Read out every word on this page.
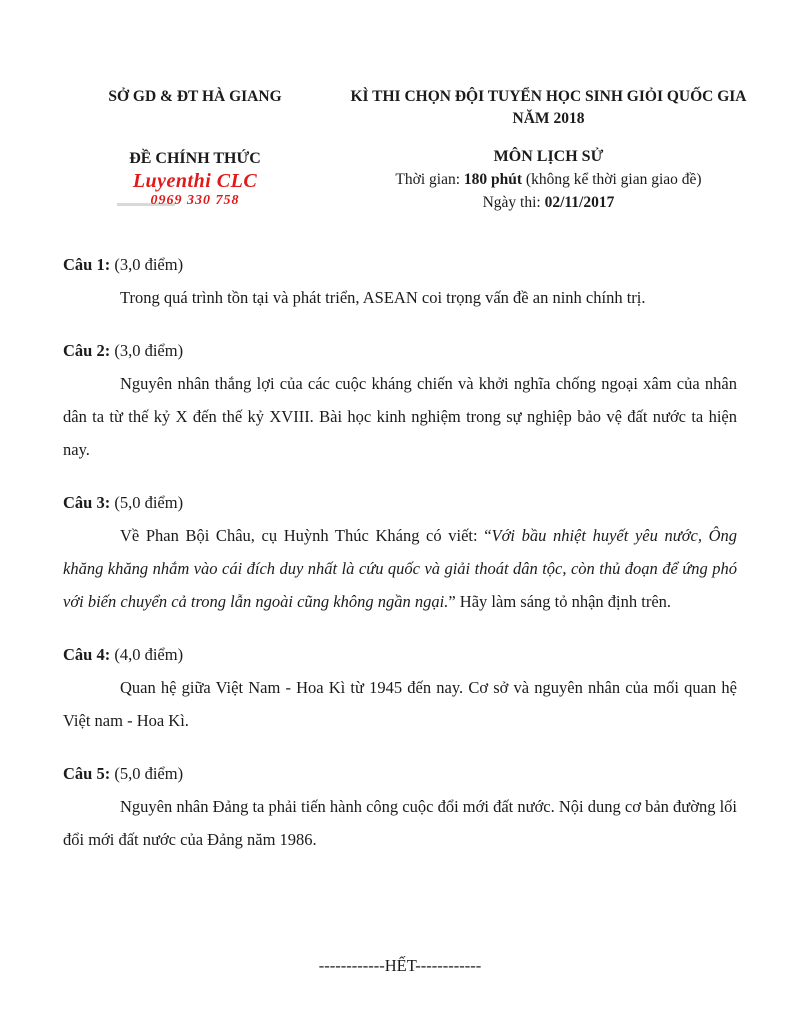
SỞ GD & ĐT HÀ GIANG
ĐỀ CHÍNH THỨC
Luyenthi CLC
0969 330 758
KÌ THI CHỌN ĐỘI TUYỂN HỌC SINH GIỎI QUỐC GIA
NĂM 2018
MÔN LỊCH SỬ
Thời gian: 180 phút (không kể thời gian giao đề)
Ngày thi: 02/11/2017

Câu 1: (3,0 điểm)

Trong quá trình tồn tại và phát triển, ASEAN coi trọng vấn đề an ninh chính trị.

Câu 2: (3,0 điểm)

Nguyên nhân thắng lợi của các cuộc kháng chiến và khởi nghĩa chống ngoại xâm của nhân dân ta từ thế kỷ X đến thế kỷ XVIII. Bài học kinh nghiệm trong sự nghiệp bảo vệ đất nước ta hiện nay.

Câu 3: (5,0 điểm)

Về Phan Bội Châu, cụ Huỳnh Thúc Kháng có viết: “Với bầu nhiệt huyết yêu nước, Ông khăng khăng nhắm vào cái đích duy nhất là cứu quốc và giải thoát dân tộc, còn thủ đoạn để ứng phó với biến chuyển cả trong lẫn ngoài cũng không ngần ngại.” Hãy làm sáng tỏ nhận định trên.

Câu 4: (4,0 điểm)

Quan hệ giữa Việt Nam - Hoa Kì từ 1945 đến nay. Cơ sở và nguyên nhân của mối quan hệ Việt nam - Hoa Kì.

Câu 5: (5,0 điểm)

Nguyên nhân Đảng ta phải tiến hành công cuộc đổi mới đất nước. Nội dung cơ bản đường lối đổi mới đất nước của Đảng năm 1986.

------------HẾT------------
